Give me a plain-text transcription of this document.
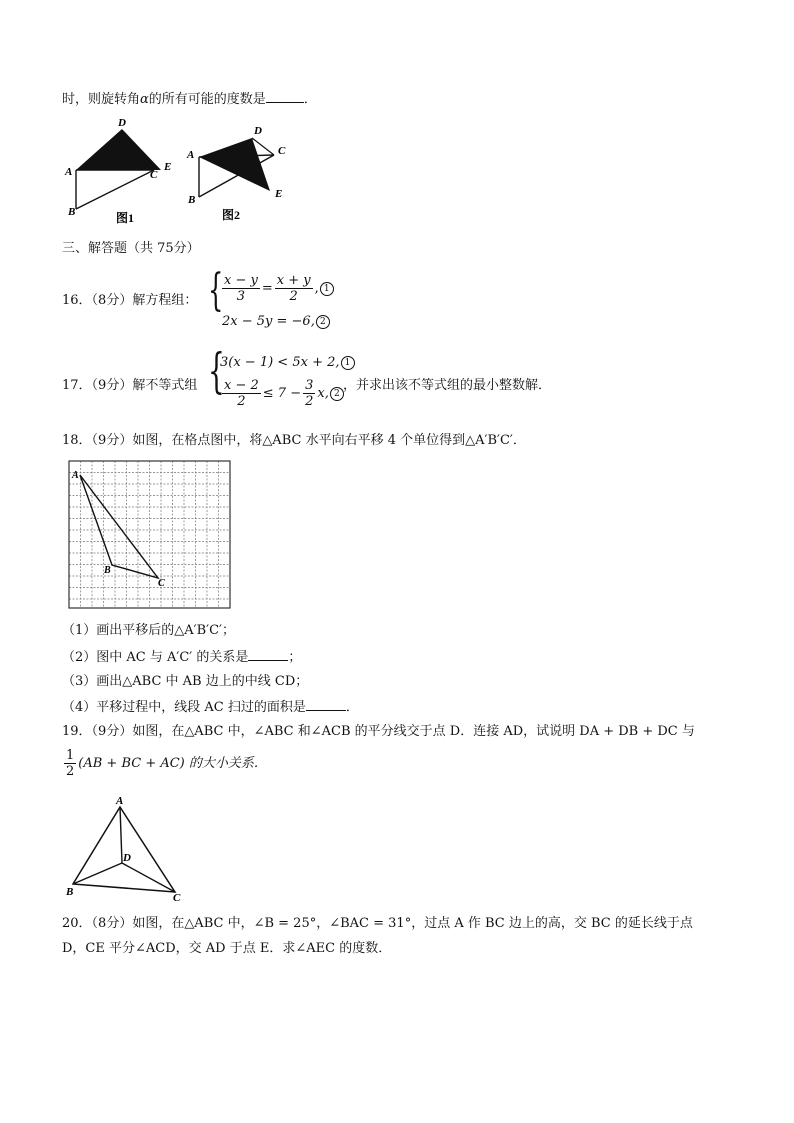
时，则旋转角α的所有可能的度数是	．
A
D
C
E
B	图1
A
D
C
E
B
图2
三、解答题（共 75分）
16．（8分）解方程组： {
$\frac{x - y}{3} = \frac{x + y}{2}$ , 1
2x − 5y = −6, 2
17．（9分）解不等式组 {
3(x − 1) < 5x + 2, 1
$\frac{x - 2}{2} \le 7 - \frac{3}{2} x$, 2
，并求出该不等式组的最小整数解．
18．（9分）如图，在格点图中，将△ABC 水平向右平移 4 个单位得到△A′B′C′．
A
B
C
（1）画出平移后的△A′B′C′；
（2）图中 AC 与 A′C′ 的关系是	；
（3）画出△ABC 中 AB 边上的中线 CD；
（4）平移过程中，线段 AC 扫过的面积是	．
19．（9分）如图，在△ABC 中，∠ABC 和∠ACB 的平分线交于点 D．连接 AD，试说明 DA + DB + DC 与
$\frac{1}{2} (AB$ + BC + AC) 的大小关系．
A
B	C
D
20．（8分）如图，在△ABC 中，∠B = 25°，∠BAC = 31°，过点 A 作 BC 边上的高，交 BC 的延长线于点
D，CE 平分∠ACD，交 AD 于点 E．求∠AEC 的度数．
